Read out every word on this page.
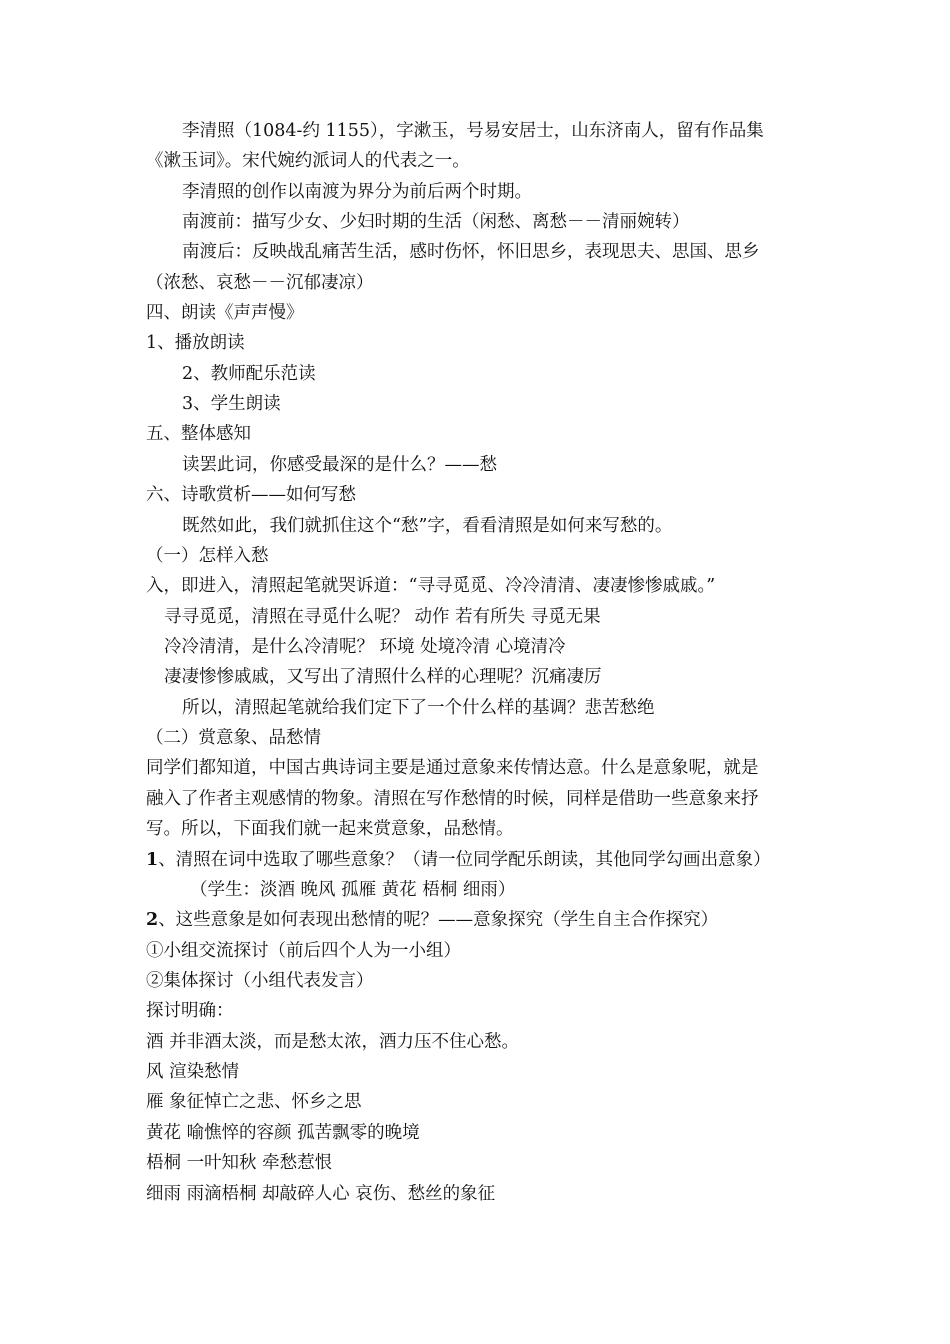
李清照（1084-约 1155），字漱玉，号易安居士，山东济南人，留有作品集
《漱玉词》。宋代婉约派词人的代表之一。
李清照的创作以南渡为界分为前后两个时期。
南渡前：描写少女、少妇时期的生活（闲愁、离愁－－清丽婉转）
南渡后：反映战乱痛苦生活，感时伤怀，怀旧思乡，表现思夫、思国、思乡
（浓愁、哀愁－－沉郁凄凉）
四、朗读《声声慢》
1、播放朗读
2、教师配乐范读
3、学生朗读
五、整体感知
读罢此词，你感受最深的是什么？——愁
六、诗歌赏析——如何写愁
既然如此，我们就抓住这个“愁”字，看看清照是如何来写愁的。
（一）怎样入愁
入，即进入，清照起笔就哭诉道：“寻寻觅觅、冷冷清清、凄凄惨惨戚戚。”
寻寻觅觅，清照在寻觅什么呢？ 动作 若有所失 寻觅无果
冷冷清清，是什么冷清呢？ 环境 处境冷清 心境清冷
凄凄惨惨戚戚，又写出了清照什么样的心理呢？沉痛凄厉
所以，清照起笔就给我们定下了一个什么样的基调？悲苦愁绝
（二）赏意象、品愁情
同学们都知道，中国古典诗词主要是通过意象来传情达意。什么是意象呢，就是
融入了作者主观感情的物象。清照在写作愁情的时候，同样是借助一些意象来抒
写。所以，下面我们就一起来赏意象，品愁情。
1、清照在词中选取了哪些意象？（请一位同学配乐朗读，其他同学勾画出意象）
（学生：淡酒 晚风 孤雁 黄花 梧桐 细雨）
2、这些意象是如何表现出愁情的呢？——意象探究（学生自主合作探究）
①小组交流探讨（前后四个人为一小组）
②集体探讨（小组代表发言）
探讨明确：
酒 并非酒太淡，而是愁太浓，酒力压不住心愁。
风 渲染愁情
雁 象征悼亡之悲、怀乡之思
黄花 喻憔悴的容颜 孤苦飘零的晚境
梧桐 一叶知秋 牵愁惹恨
细雨 雨滴梧桐 却敲碎人心 哀伤、愁丝的象征
